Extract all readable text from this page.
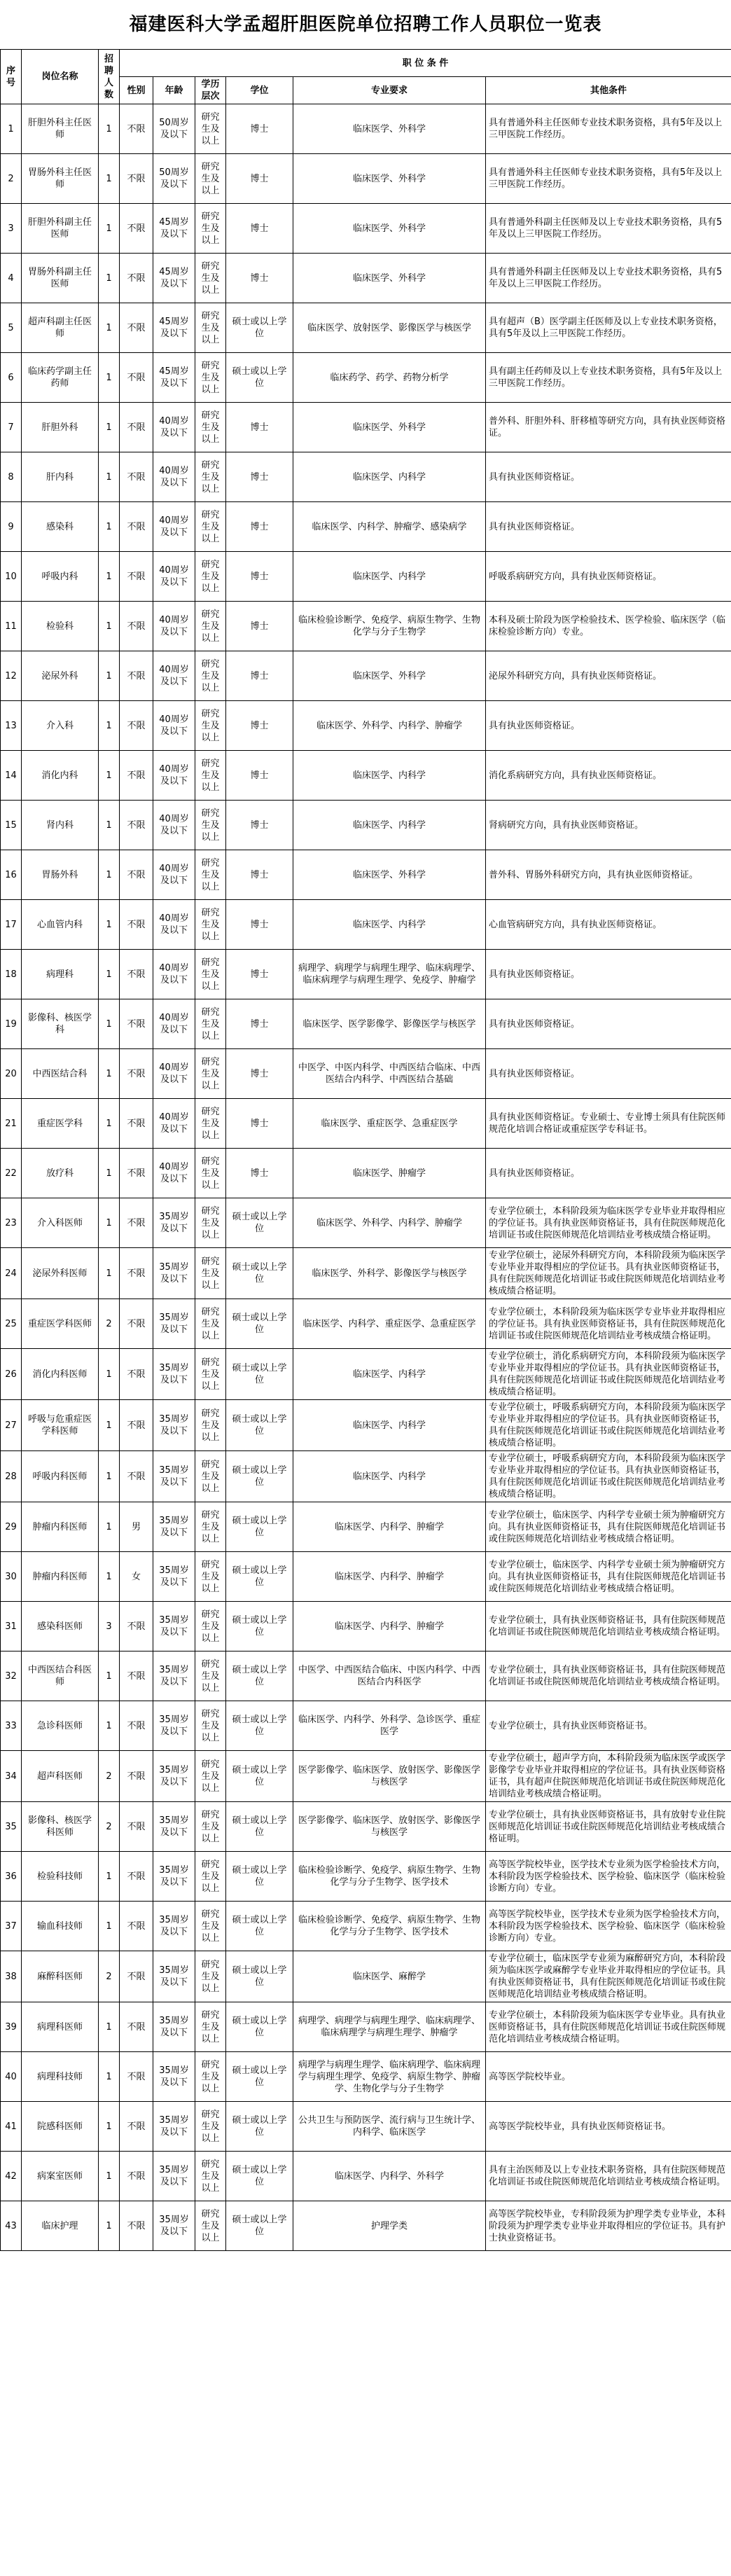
福建医科大学孟超肝胆医院单位招聘工作人员职位一览表
序号	岗位名称	招聘人数	职 位 条 件					
			性别	年龄	学历层次	学位	专业要求	其他条件
1	肝胆外科主任医师	1	不限	50周岁及以下	研究生及以上	博士	临床医学、外科学	具有普通外科主任医师专业技术职务资格，具有5年及以上三甲医院工作经历。
2	胃肠外科主任医师	1	不限	50周岁及以下	研究生及以上	博士	临床医学、外科学	具有普通外科主任医师专业技术职务资格，具有5年及以上三甲医院工作经历。
3	肝胆外科副主任医师	1	不限	45周岁及以下	研究生及以上	博士	临床医学、外科学	具有普通外科副主任医师及以上专业技术职务资格，具有5年及以上三甲医院工作经历。
4	胃肠外科副主任医师	1	不限	45周岁及以下	研究生及以上	博士	临床医学、外科学	具有普通外科副主任医师及以上专业技术职务资格，具有5年及以上三甲医院工作经历。
5	超声科副主任医师	1	不限	45周岁及以下	研究生及以上	硕士或以上学位	临床医学、放射医学、影像医学与核医学	具有超声（B）医学副主任医师及以上专业技术职务资格，具有5年及以上三甲医院工作经历。
6	临床药学副主任药师	1	不限	45周岁及以下	研究生及以上	硕士或以上学位	临床药学、药学、药物分析学	具有副主任药师及以上专业技术职务资格，具有5年及以上三甲医院工作经历。
7	肝胆外科	1	不限	40周岁及以下	研究生及以上	博士	临床医学、外科学	普外科、肝胆外科、肝移植等研究方向，具有执业医师资格证。
8	肝内科	1	不限	40周岁及以下	研究生及以上	博士	临床医学、内科学	具有执业医师资格证。
9	感染科	1	不限	40周岁及以下	研究生及以上	博士	临床医学、内科学、肿瘤学、感染病学	具有执业医师资格证。
10	呼吸内科	1	不限	40周岁及以下	研究生及以上	博士	临床医学、内科学	呼吸系病研究方向，具有执业医师资格证。
11	检验科	1	不限	40周岁及以下	研究生及以上	博士	临床检验诊断学、免疫学、病原生物学、生物化学与分子生物学	本科及硕士阶段为医学检验技术、医学检验、临床医学（临床检验诊断方向）专业。
12	泌尿外科	1	不限	40周岁及以下	研究生及以上	博士	临床医学、外科学	泌尿外科研究方向，具有执业医师资格证。
13	介入科	1	不限	40周岁及以下	研究生及以上	博士	临床医学、外科学、内科学、肿瘤学	具有执业医师资格证。
14	消化内科	1	不限	40周岁及以下	研究生及以上	博士	临床医学、内科学	消化系病研究方向，具有执业医师资格证。
15	肾内科	1	不限	40周岁及以下	研究生及以上	博士	临床医学、内科学	肾病研究方向，具有执业医师资格证。
16	胃肠外科	1	不限	40周岁及以下	研究生及以上	博士	临床医学、外科学	普外科、胃肠外科研究方向，具有执业医师资格证。
17	心血管内科	1	不限	40周岁及以下	研究生及以上	博士	临床医学、内科学	心血管病研究方向，具有执业医师资格证。
18	病理科	1	不限	40周岁及以下	研究生及以上	博士	病理学、病理学与病理生理学、临床病理学、临床病理学与病理生理学、免疫学、肿瘤学	具有执业医师资格证。
19	影像科、核医学科	1	不限	40周岁及以下	研究生及以上	博士	临床医学、医学影像学、影像医学与核医学	具有执业医师资格证。
20	中西医结合科	1	不限	40周岁及以下	研究生及以上	博士	中医学、中医内科学、中西医结合临床、中西医结合内科学、中西医结合基础	具有执业医师资格证。
21	重症医学科	1	不限	40周岁及以下	研究生及以上	博士	临床医学、重症医学、急重症医学	具有执业医师资格证。专业硕士、专业博士须具有住院医师规范化培训合格证或重症医学专科证书。
22	放疗科	1	不限	40周岁及以下	研究生及以上	博士	临床医学、肿瘤学	具有执业医师资格证。
23	介入科医师	1	不限	35周岁及以下	研究生及以上	硕士或以上学位	临床医学、外科学、内科学、肿瘤学	专业学位硕士，本科阶段须为临床医学专业毕业并取得相应的学位证书。具有执业医师资格证书，具有住院医师规范化培训证书或住院医师规范化培训结业考核成绩合格证明。
24	泌尿外科医师	1	不限	35周岁及以下	研究生及以上	硕士或以上学位	临床医学、外科学、影像医学与核医学	专业学位硕士，泌尿外科研究方向，本科阶段须为临床医学专业毕业并取得相应的学位证书。具有执业医师资格证书，具有住院医师规范化培训证书或住院医师规范化培训结业考核成绩合格证明。
25	重症医学科医师	2	不限	35周岁及以下	研究生及以上	硕士或以上学位	临床医学、内科学、重症医学、急重症医学	专业学位硕士，本科阶段须为临床医学专业毕业并取得相应的学位证书。具有执业医师资格证书，具有住院医师规范化培训证书或住院医师规范化培训结业考核成绩合格证明。
26	消化内科医师	1	不限	35周岁及以下	研究生及以上	硕士或以上学位	临床医学、内科学	专业学位硕士，消化系病研究方向，本科阶段须为临床医学专业毕业并取得相应的学位证书。具有执业医师资格证书，具有住院医师规范化培训证书或住院医师规范化培训结业考核成绩合格证明。
27	呼吸与危重症医学科医师	1	不限	35周岁及以下	研究生及以上	硕士或以上学位	临床医学、内科学	专业学位硕士，呼吸系病研究方向，本科阶段须为临床医学专业毕业并取得相应的学位证书。具有执业医师资格证书，具有住院医师规范化培训证书或住院医师规范化培训结业考核成绩合格证明。
28	呼吸内科医师	1	不限	35周岁及以下	研究生及以上	硕士或以上学位	临床医学、内科学	专业学位硕士，呼吸系病研究方向，本科阶段须为临床医学专业毕业并取得相应的学位证书。具有执业医师资格证书，具有住院医师规范化培训证书或住院医师规范化培训结业考核成绩合格证明。
29	肿瘤内科医师	1	男	35周岁及以下	研究生及以上	硕士或以上学位	临床医学、内科学、肿瘤学	专业学位硕士，临床医学、内科学专业硕士须为肿瘤研究方向。具有执业医师资格证书，具有住院医师规范化培训证书或住院医师规范化培训结业考核成绩合格证明。
30	肿瘤内科医师	1	女	35周岁及以下	研究生及以上	硕士或以上学位	临床医学、内科学、肿瘤学	专业学位硕士，临床医学、内科学专业硕士须为肿瘤研究方向。具有执业医师资格证书，具有住院医师规范化培训证书或住院医师规范化培训结业考核成绩合格证明。
31	感染科医师	3	不限	35周岁及以下	研究生及以上	硕士或以上学位	临床医学、内科学、肿瘤学	专业学位硕士，具有执业医师资格证书，具有住院医师规范化培训证书或住院医师规范化培训结业考核成绩合格证明。
32	中西医结合科医师	1	不限	35周岁及以下	研究生及以上	硕士或以上学位	中医学、中西医结合临床、中医内科学、中西医结合内科医学	专业学位硕士，具有执业医师资格证书，具有住院医师规范化培训证书或住院医师规范化培训结业考核成绩合格证明。
33	急诊科医师	1	不限	35周岁及以下	研究生及以上	硕士或以上学位	临床医学、内科学、外科学、急诊医学、重症医学	专业学位硕士，具有执业医师资格证书。
34	超声科医师	2	不限	35周岁及以下	研究生及以上	硕士或以上学位	医学影像学、临床医学、放射医学、影像医学与核医学	专业学位硕士，超声学方向，本科阶段须为临床医学或医学影像学专业毕业并取得相应的学位证书。具有执业医师资格证书，具有超声住院医师规范化培训证书或住院医师规范化培训结业考核成绩合格证明。
35	影像科、核医学科医师	2	不限	35周岁及以下	研究生及以上	硕士或以上学位	医学影像学、临床医学、放射医学、影像医学与核医学	专业学位硕士，具有执业医师资格证书，具有放射专业住院医师规范化培训证书或住院医师规范化培训结业考核成绩合格证明。
36	检验科技师	1	不限	35周岁及以下	研究生及以上	硕士或以上学位	临床检验诊断学、免疫学、病原生物学、生物化学与分子生物学、医学技术	高等医学院校毕业，医学技术专业须为医学检验技术方向，本科阶段为医学检验技术、医学检验、临床医学（临床检验诊断方向）专业。
37	输血科技师	1	不限	35周岁及以下	研究生及以上	硕士或以上学位	临床检验诊断学、免疫学、病原生物学、生物化学与分子生物学、医学技术	高等医学院校毕业，医学技术专业须为医学检验技术方向，本科阶段为医学检验技术、医学检验、临床医学（临床检验诊断方向）专业。
38	麻醉科医师	2	不限	35周岁及以下	研究生及以上	硕士或以上学位	临床医学、麻醉学	专业学位硕士，临床医学专业须为麻醉研究方向，本科阶段须为临床医学或麻醉学专业毕业并取得相应的学位证书。具有执业医师资格证书，具有住院医师规范化培训证书或住院医师规范化培训结业考核成绩合格证明。
39	病理科医师	1	不限	35周岁及以下	研究生及以上	硕士或以上学位	病理学、病理学与病理生理学、临床病理学、临床病理学与病理生理学、肿瘤学	专业学位硕士，本科阶段须为临床医学专业毕业。具有执业医师资格证书，具有住院医师规范化培训证书或住院医师规范化培训结业考核成绩合格证明。
40	病理科技师	1	不限	35周岁及以下	研究生及以上	硕士或以上学位	病理学与病理生理学、临床病理学、临床病理学与病理生理学、免疫学、病原生物学、肿瘤学、生物化学与分子生物学	高等医学院校毕业。
41	院感科医师	1	不限	35周岁及以下	研究生及以上	硕士或以上学位	公共卫生与预防医学、流行病与卫生统计学、内科学、临床医学	高等医学院校毕业，具有执业医师资格证书。
42	病案室医师	1	不限	35周岁及以下	研究生及以上	硕士或以上学位	临床医学、内科学、外科学	具有主治医师及以上专业技术职务资格，具有住院医师规范化培训证书或住院医师规范化培训结业考核成绩合格证明。
43	临床护理	1	不限	35周岁及以下	研究生及以上	硕士或以上学位	护理学类	高等医学院校毕业，专科阶段须为护理学类专业毕业，本科阶段须为护理学类专业毕业并取得相应的学位证书。具有护士执业资格证书。
